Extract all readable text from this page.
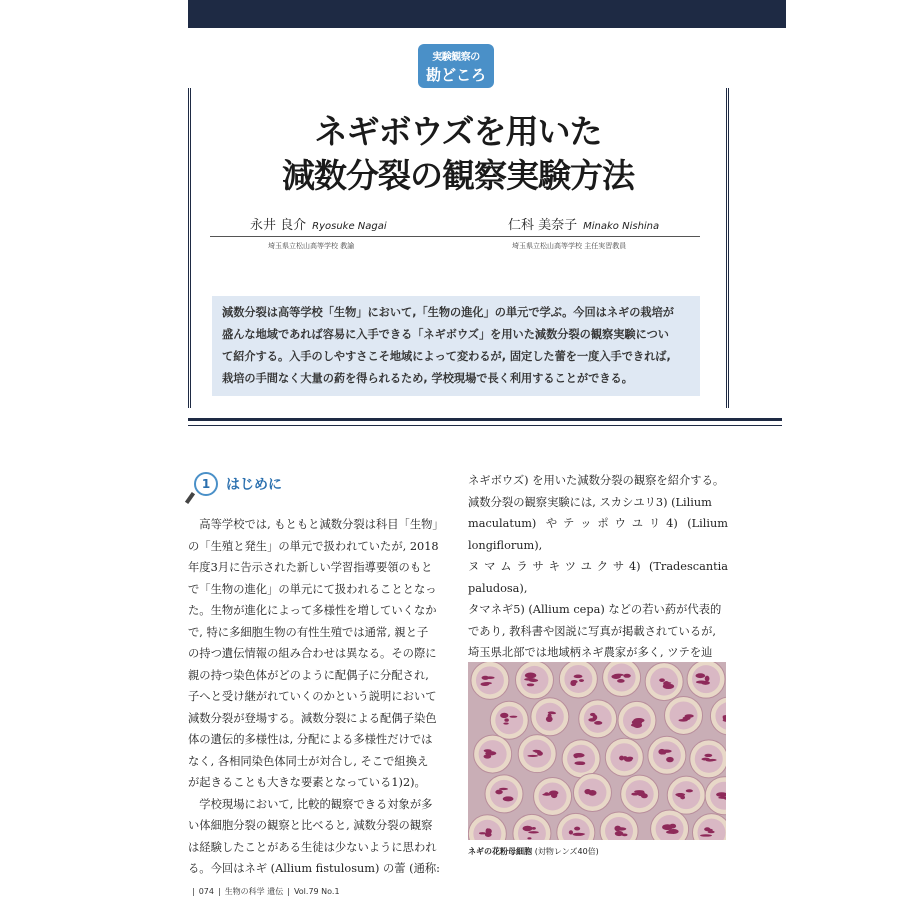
実験観察の
勘どころ
ネギボウズを用いた
減数分裂の観察実験方法
永井 良介 Ryosuke Nagai
埼玉県立松山高等学校 教諭
仁科 美奈子 Minako Nishina
埼玉県立松山高等学校 主任実習教員

減数分裂は高等学校「生物」において,「生物の進化」の単元で学ぶ。今回はネギの栽培が

盛んな地域であれば容易に入手できる「ネギボウズ」を用いた減数分裂の観察実験につい

て紹介する。入手のしやすさこそ地域によって変わるが, 固定した蕾を一度入手できれば,

栽培の手間なく大量の葯を得られるため, 学校現場で長く利用することができる。

1	はじめに

　高等学校では, もともと減数分裂は科目「生物」

の「生殖と発生」の単元で扱われていたが, 2018

年度3月に告示された新しい学習指導要領のもと

で「生物の進化」の単元にて扱われることとなっ

た。生物が進化によって多様性を増していくなか

で, 特に多細胞生物の有性生殖では通常, 親と子

の持つ遺伝情報の組み合わせは異なる。その際に

親の持つ染色体がどのように配偶子に分配され,

子へと受け継がれていくのかという説明において

減数分裂が登場する。減数分裂による配偶子染色

体の遺伝的多様性は, 分配による多様性だけでは

なく, 各相同染色体同士が対合し, そこで組換え

が起きることも大きな要素となっている1)2)。

　学校現場において, 比較的観察できる対象が多

い体細胞分裂の観察と比べると, 減数分裂の観察

は経験したことがある生徒は少ないように思われ

る。今回はネギ (Allium fistulosum) の蕾 (通称:

ネギボウズ) を用いた減数分裂の観察を紹介する。

減数分裂の観察実験には, スカシユリ3) (Lilium

maculatum) やテッポウユリ4) (Lilium longiflorum),

ヌマムラサキツユクサ4) (Tradescantia paludosa),

タマネギ5) (Allium cepa) などの若い葯が代表的

であり, 教科書や図説に写真が掲載されているが,

埼玉県北部では地域柄ネギ農家が多く, ツテを辿

ネギの花粉母細胞 (対物レンズ40倍)
| 074 | 生物の科学 遺伝 | Vol.79 No.1
